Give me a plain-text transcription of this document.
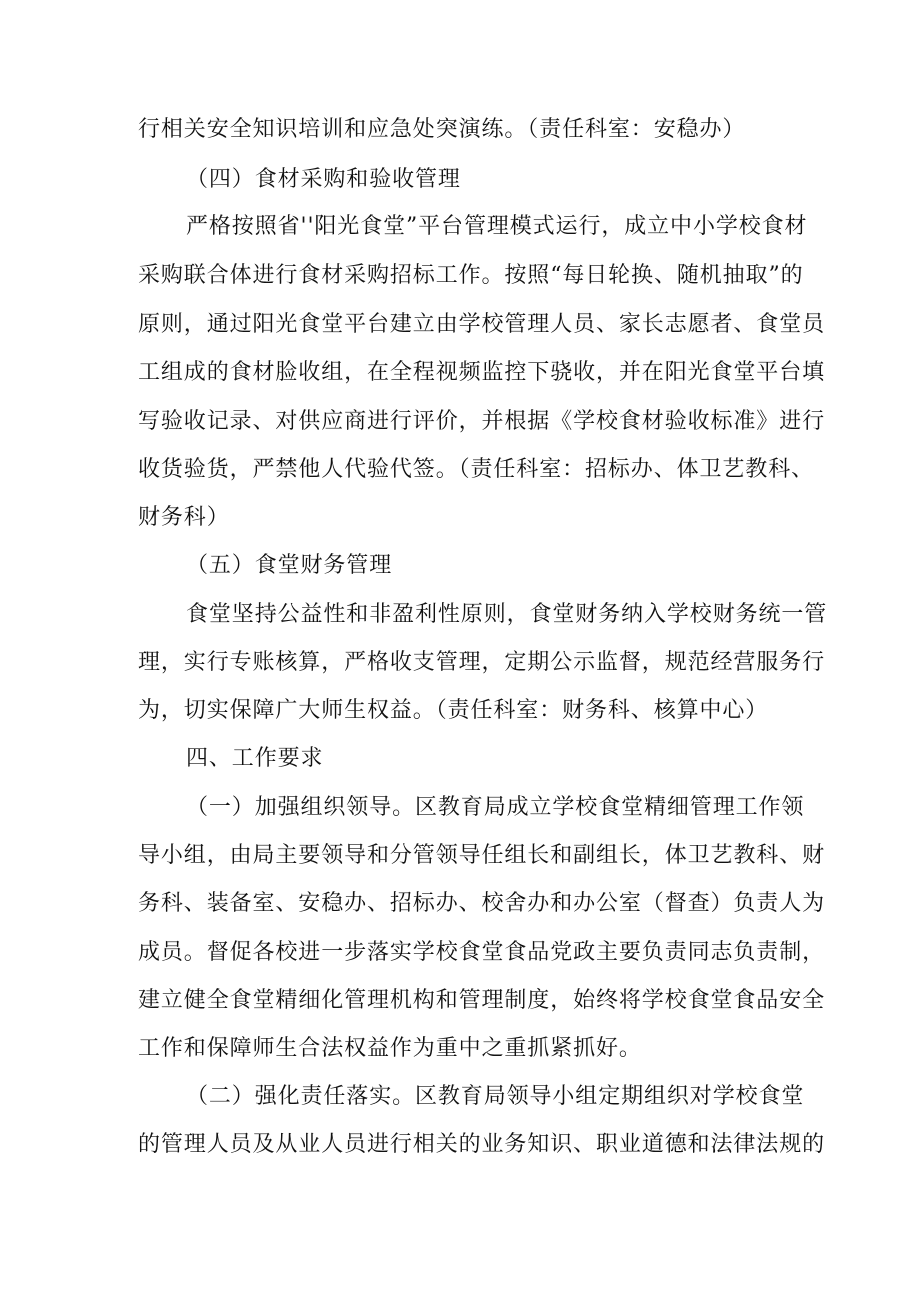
行相关安全知识培训和应急处突演练。（责任科室：安稳办）
（四）食材采购和验收管理
严格按照省''阳光食堂”平台管理模式运行，成立中小学校食材
采购联合体进行食材采购招标工作。按照“每日轮换、随机抽取”的
原则，通过阳光食堂平台建立由学校管理人员、家长志愿者、食堂员
工组成的食材脸收组，在全程视频监控下骁收，并在阳光食堂平台填
写验收记录、对供应商进行评价，并根据《学校食材验收标准》进行
收货验货，严禁他人代验代签。（责任科室：招标办、体卫艺教科、
财务科）
（五）食堂财务管理
食堂坚持公益性和非盈利性原则，食堂财务纳入学校财务统一管
理，实行专账核算，严格收支管理，定期公示监督，规范经营服务行
为，切实保障广大师生权益。（责任科室：财务科、核算中心）
四、工作要求
（一）加强组织领导。区教育局成立学校食堂精细管理工作领
导小组，由局主要领导和分管领导任组长和副组长，体卫艺教科、财
务科、装备室、安稳办、招标办、校舍办和办公室（督查）负责人为
成员。督促各校进一步落实学校食堂食品党政主要负责同志负责制，
建立健全食堂精细化管理机构和管理制度，始终将学校食堂食品安全
工作和保障师生合法权益作为重中之重抓紧抓好。
（二）强化责任落实。区教育局领导小组定期组织对学校食堂
的管理人员及从业人员进行相关的业务知识、职业道德和法律法规的
